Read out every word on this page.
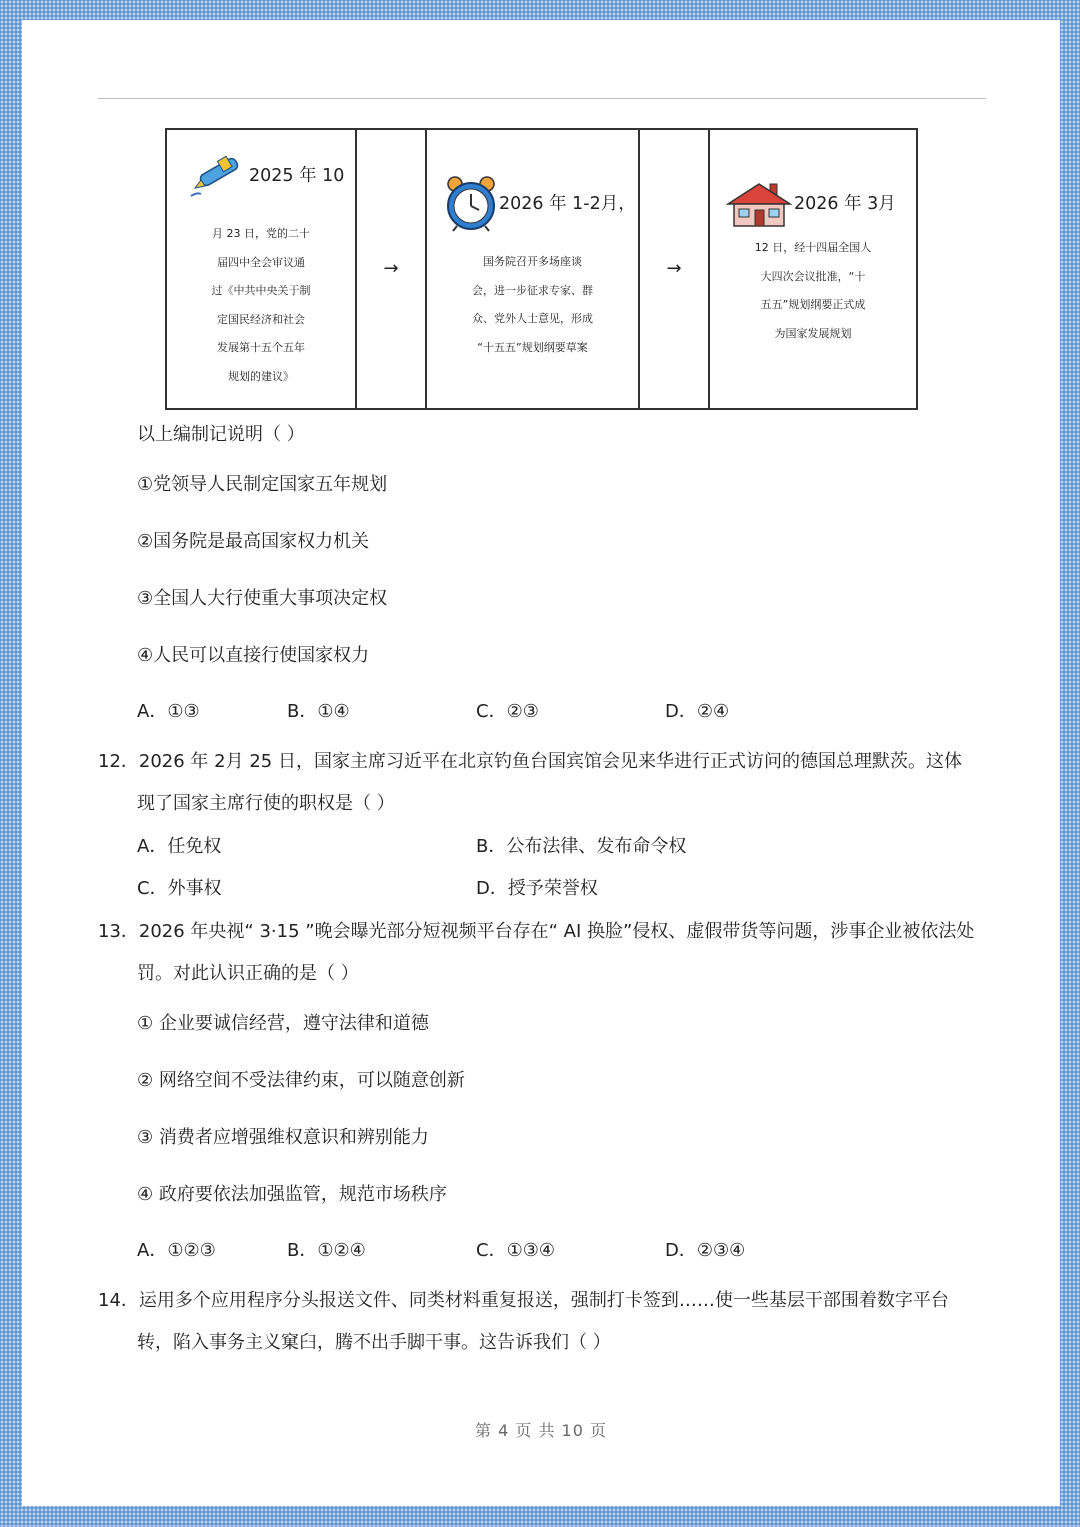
2025 年 10
月 23 日，党的二十
届四中全会审议通
过《中共中央关于制
定国民经济和社会
发展第十五个五年
规划的建议》
→
2026 年 1-2月，
国务院召开多场座谈
会，进一步征求专家、群
众、党外人士意见，形成
“十五五”规划纲要草案
→
2026 年 3月
12 日，经十四届全国人
大四次会议批准，“十
五五”规划纲要正式成
为国家发展规划
以上编制记说明（ ）
①党领导人民制定国家五年规划
②国务院是最高国家权力机关
③全国人大行使重大事项决定权
④人民可以直接行使国家权力
A．①③	B．①④	C．②③	D．②④
12．2026 年 2月 25 日，国家主席习近平在北京钓鱼台国宾馆会见来华进行正式访问的德国总理默茨。这体
现了国家主席行使的职权是（ ）
A．任免权	B．公布法律、发布命令权
C．外事权	D．授予荣誉权
13．2026 年央视“ 3·15 ”晚会曝光部分短视频平台存在“ AI 换脸”侵权、虚假带货等问题，涉事企业被依法处
罚。对此认识正确的是（ ）
① 企业要诚信经营，遵守法律和道德
② 网络空间不受法律约束，可以随意创新
③ 消费者应增强维权意识和辨别能力
④ 政府要依法加强监管，规范市场秩序
A．①②③	B．①②④	C．①③④	D．②③④
14．运用多个应用程序分头报送文件、同类材料重复报送，强制打卡签到……使一些基层干部围着数字平台
转，陷入事务主义窠臼，腾不出手脚干事。这告诉我们（ ）
第 4 页 共 10 页
